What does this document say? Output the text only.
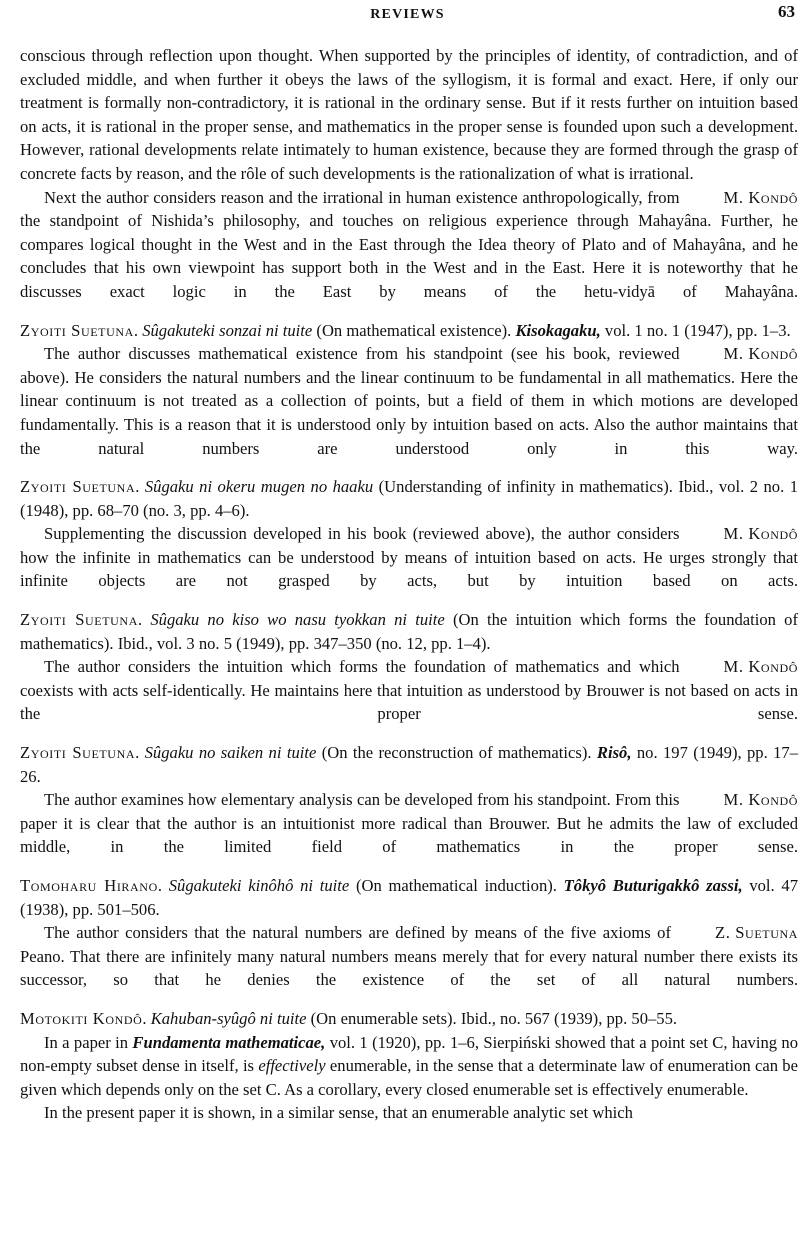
REVIEWS	63

conscious through reflection upon thought. When supported by the principles of identity, of contradiction, and of excluded middle, and when further it obeys the laws of the syllogism, it is formal and exact. Here, if only our treatment is formally non-contradictory, it is rational in the ordinary sense. But if it rests further on intuition based on acts, it is rational in the proper sense, and mathematics in the proper sense is founded upon such a development. However, rational developments relate intimately to human existence, because they are formed through the grasp of concrete facts by reason, and the rôle of such developments is the rationalization of what is irrational.

M. Kondô
Next the author considers reason and the irrational in human existence anthropologically, from the standpoint of Nishida’s philosophy, and touches on religious experience through Mahayâna. Further, he compares logical thought in the West and in the East through the Idea theory of Plato and of Mahayâna, and he concludes that his own viewpoint has support both in the West and in the East. Here it is noteworthy that he discusses exact logic in the East by means of the hetu-vidyā of Mahayâna.

Zyoiti Suetuna. Sûgakuteki sonzai ni tuite (On mathematical existence). Kisokagaku, vol. 1 no. 1 (1947), pp. 1–3.

M. Kondô
The author discusses mathematical existence from his standpoint (see his book, reviewed above). He considers the natural numbers and the linear continuum to be fundamental in all mathematics. Here the linear continuum is not treated as a collection of points, but a field of them in which motions are developed fundamentally. This is a reason that it is understood only by intuition based on acts. Also the author maintains that the natural numbers are understood only in this way.

Zyoiti Suetuna. Sûgaku ni okeru mugen no haaku (Understanding of infinity in mathematics). Ibid., vol. 2 no. 1 (1948), pp. 68–70 (no. 3, pp. 4–6).

M. Kondô
Supplementing the discussion developed in his book (reviewed above), the author considers how the infinite in mathematics can be understood by means of intuition based on acts. He urges strongly that infinite objects are not grasped by acts, but by intuition based on acts.

Zyoiti Suetuna. Sûgaku no kiso wo nasu tyokkan ni tuite (On the intuition which forms the foundation of mathematics). Ibid., vol. 3 no. 5 (1949), pp. 347–350 (no. 12, pp. 1–4).

M. Kondô
The author considers the intuition which forms the foundation of mathematics and which coexists with acts self-identically. He maintains here that intuition as understood by Brouwer is not based on acts in the proper sense.

Zyoiti Suetuna. Sûgaku no saiken ni tuite (On the reconstruction of mathematics). Risô, no. 197 (1949), pp. 17–26.

M. Kondô
The author examines how elementary analysis can be developed from his standpoint. From this paper it is clear that the author is an intuitionist more radical than Brouwer. But he admits the law of excluded middle, in the limited field of mathematics in the proper sense.

Tomoharu Hirano. Sûgakuteki kinôhô ni tuite (On mathematical induction). Tôkyô Buturigakkô zassi, vol. 47 (1938), pp. 501–506.

Z. Suetuna
The author considers that the natural numbers are defined by means of the five axioms of Peano. That there are infinitely many natural numbers means merely that for every natural number there exists its successor, so that he denies the existence of the set of all natural numbers.

Motokiti Kondô. Kahuban-syûgô ni tuite (On enumerable sets). Ibid., no. 567 (1939), pp. 50–55.

In a paper in Fundamenta mathematicae, vol. 1 (1920), pp. 1–6, Sierpiński showed that a point set C, having no non-empty subset dense in itself, is effectively enumerable, in the sense that a determinate law of enumeration can be given which depends only on the set C. As a corollary, every closed enumerable set is effectively enumerable.

In the present paper it is shown, in a similar sense, that an enumerable analytic set which
